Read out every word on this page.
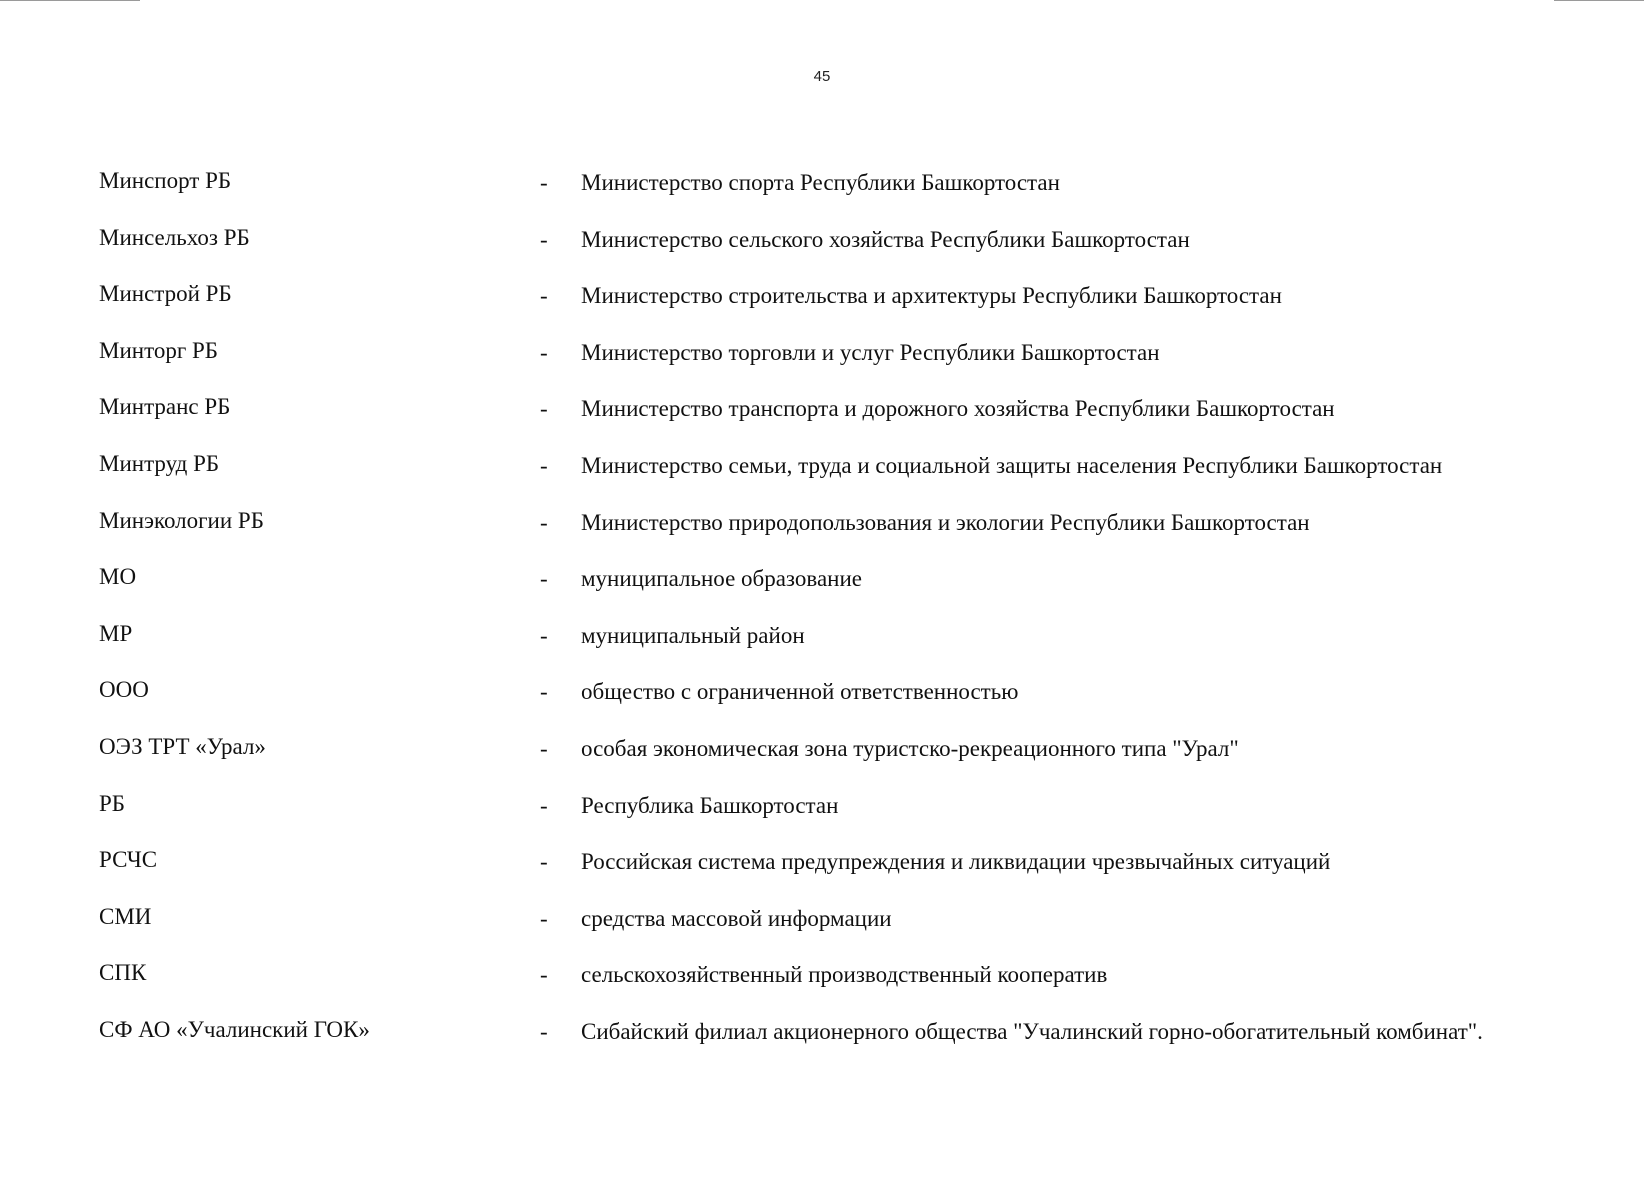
45
Минспорт РБ	- Министерство спорта Республики Башкортостан
Минсельхоз РБ	- Министерство сельского хозяйства Республики Башкортостан
Минстрой РБ	- Министерство строительства и архитектуры Республики Башкортостан
Минторг РБ	- Министерство торговли и услуг Республики Башкортостан
Минтранс РБ	- Министерство транспорта и дорожного хозяйства Республики Башкортостан
Минтруд РБ	- Министерство семьи, труда и социальной защиты населения Республики Башкортостан
Минэкологии РБ	- Министерство природопользования и экологии Республики Башкортостан
МО	- муниципальное образование
МР	- муниципальный район
ООО	- общество с ограниченной ответственностью
ОЭЗ ТРТ «Урал»	- особая экономическая зона туристско-рекреационного типа "Урал"
РБ	- Республика Башкортостан
РСЧС	- Российская система предупреждения и ликвидации чрезвычайных ситуаций
СМИ	- средства массовой информации
СПК	- сельскохозяйственный производственный кооператив
СФ АО «Учалинский ГОК»	- Сибайский филиал акционерного общества "Учалинский горно-обогатительный комбинат".
